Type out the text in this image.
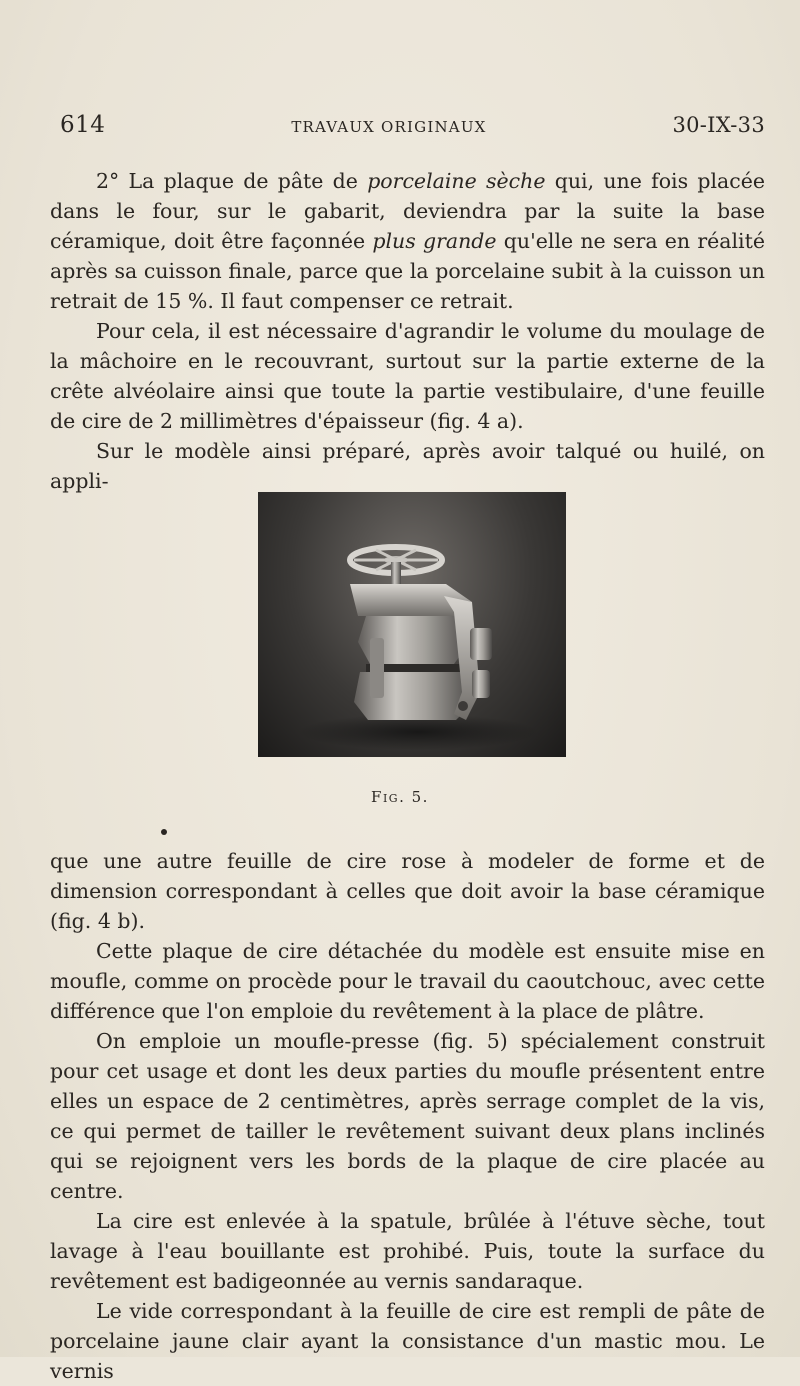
614	TRAVAUX ORIGINAUX	30-IX-33

2° La plaque de pâte de porcelaine sèche qui, une fois placée dans le four, sur le gabarit, deviendra par la suite la base céramique, doit être façonnée plus grande qu'elle ne sera en réalité après sa cuisson finale, parce que la porcelaine subit à la cuisson un retrait de 15 %. Il faut compenser ce retrait.

Pour cela, il est nécessaire d'agrandir le volume du moulage de la mâchoire en le recouvrant, surtout sur la partie externe de la crête alvéolaire ainsi que toute la partie vestibulaire, d'une feuille de cire de 2 millimètres d'épaisseur (fig. 4 a).

Sur le modèle ainsi préparé, après avoir talqué ou huilé, on appli-

Fig. 5.

que une autre feuille de cire rose à modeler de forme et de dimension correspondant à celles que doit avoir la base céramique (fig. 4 b).

Cette plaque de cire détachée du modèle est ensuite mise en moufle, comme on procède pour le travail du caoutchouc, avec cette différence que l'on emploie du revêtement à la place de plâtre.

On emploie un moufle-presse (fig. 5) spécialement construit pour cet usage et dont les deux parties du moufle présentent entre elles un espace de 2 centimètres, après serrage complet de la vis, ce qui permet de tailler le revêtement suivant deux plans inclinés qui se rejoignent vers les bords de la plaque de cire placée au centre.

La cire est enlevée à la spatule, brûlée à l'étuve sèche, tout lavage à l'eau bouillante est prohibé. Puis, toute la surface du revêtement est badigeonnée au vernis sandaraque.

Le vide correspondant à la feuille de cire est rempli de pâte de porcelaine jaune clair ayant la consistance d'un mastic mou. Le vernis
